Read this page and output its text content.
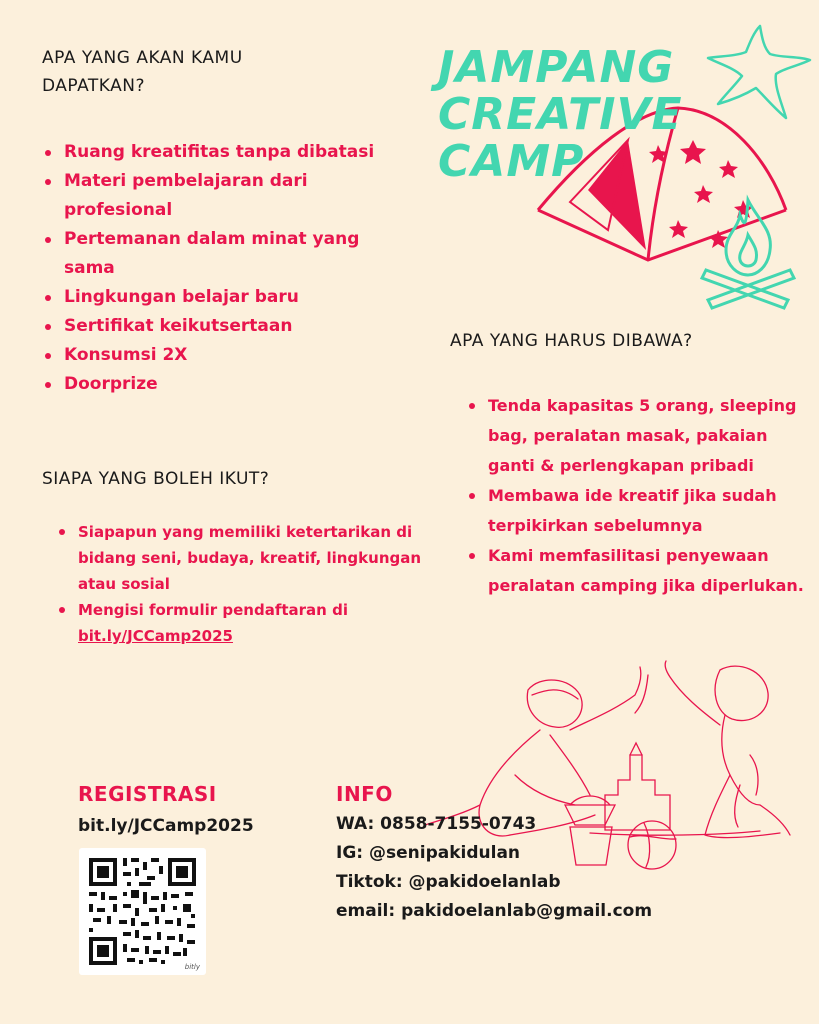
JAMPANG

CREATIVE

CAMP

APA YANG AKAN KAMU DAPATKAN?

Ruang kreatifitas tanpa dibatasi
Materi pembelajaran dari profesional
Pertemanan dalam minat yang sama
Lingkungan belajar baru
Sertifikat keikutsertaan
Konsumsi 2X
Doorprize

APA YANG HARUS DIBAWA?

Tenda kapasitas 5 orang, sleeping bag, peralatan masak, pakaian ganti & perlengkapan pribadi
Membawa ide kreatif jika sudah terpikirkan sebelumnya
Kami memfasilitasi penyewaan peralatan camping jika diperlukan.

SIAPA YANG BOLEH IKUT?

Siapapun yang memiliki ketertarikan di bidang seni, budaya, kreatif, lingkungan atau sosial
Mengisi formulir pendaftaran di bit.ly/JCCamp2025
REGISTRASI
bit.ly/JCCamp2025
bitly
INFO
WA: 0858-7155-0743
IG: @senipakidulan
Tiktok: @pakidoelanlab
email: pakidoelanlab@gmail.com
